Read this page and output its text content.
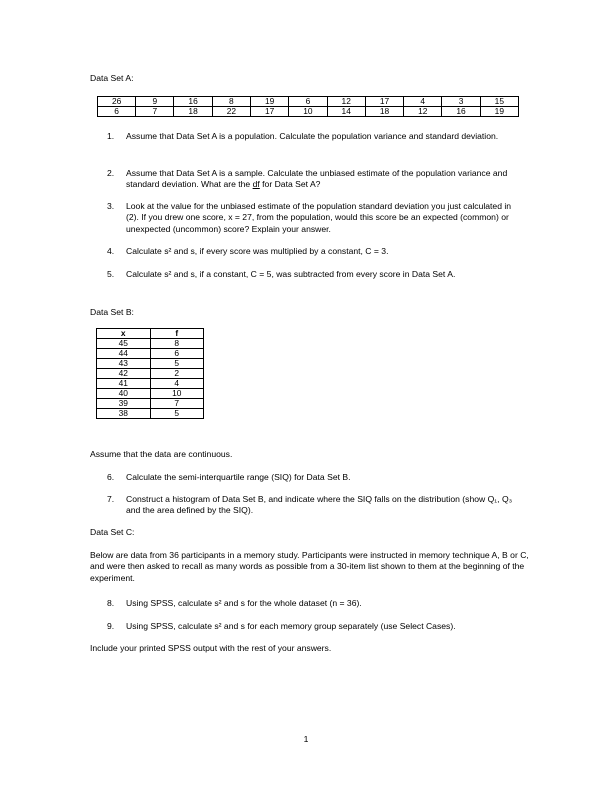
Data Set A:
26	9	16	8	19	6	12	17	4	3	15
6	7	18	22	17	10	14	18	12	16	19
1. Assume that Data Set A is a population. Calculate the population variance and standard deviation.
2. Assume that Data Set A is a sample. Calculate the unbiased estimate of the population variance and standard deviation. What are the df for Data Set A?
3. Look at the value for the unbiased estimate of the population standard deviation you just calculated in (2). If you drew one score, x = 27, from the population, would this score be an expected (common) or unexpected (uncommon) score? Explain your answer.
4. Calculate s² and s, if every score was multiplied by a constant, C = 3.
5. Calculate s² and s, if a constant, C = 5, was subtracted from every score in Data Set A.
Data Set B:
x	f
45	8
44	6
43	5
42	2
41	4
40	10
39	7
38	5
Assume that the data are continuous.
6. Calculate the semi-interquartile range (SIQ) for Data Set B.
7. Construct a histogram of Data Set B, and indicate where the SIQ falls on the distribution (show Q₁, Q₃ and the area defined by the SIQ).
Data Set C:
Below are data from 36 participants in a memory study. Participants were instructed in memory technique A, B or C, and were then asked to recall as many words as possible from a 30-item list shown to them at the beginning of the experiment.
8. Using SPSS, calculate s² and s for the whole dataset (n = 36).
9. Using SPSS, calculate s² and s for each memory group separately (use Select Cases).
Include your printed SPSS output with the rest of your answers.
1
